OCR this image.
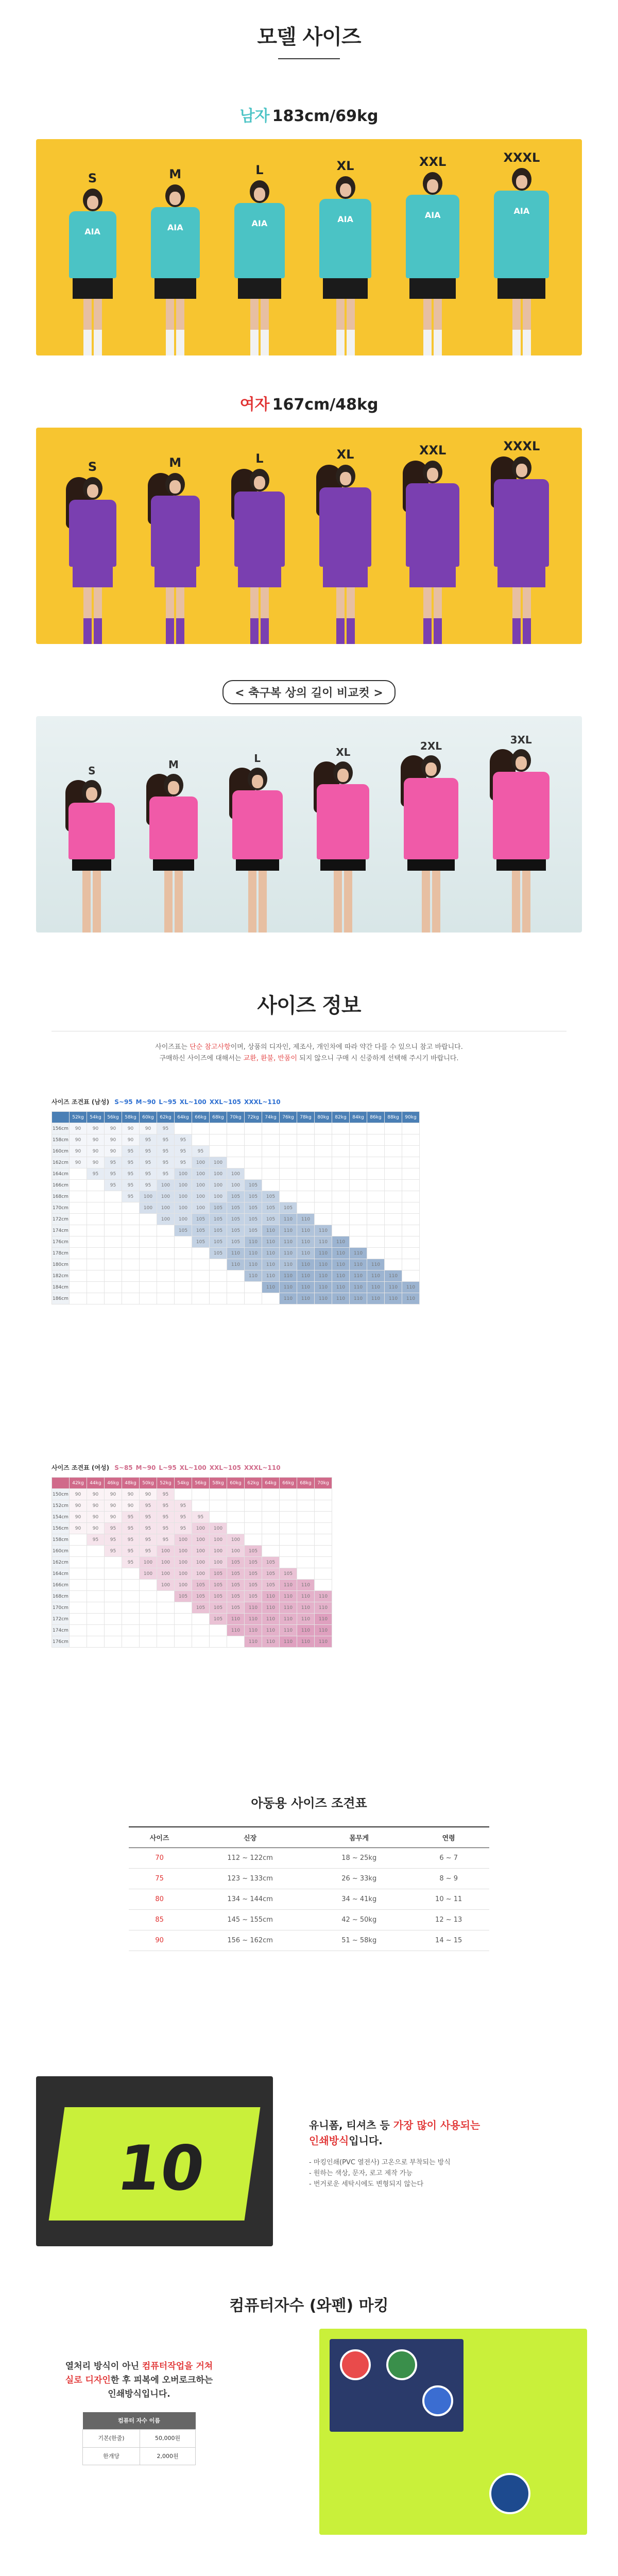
모델 사이즈
남자 183cm/69kg
S
AIA
M
AIA
L
AIA
XL
AIA
XXL
AIA
XXXL
AIA
여자 167cm/48kg
S	M	L	XL	XXL	XXXL
< 축구복 상의 길이 비교컷 >
S	M	L	XL	2XL	3XL
사이즈 정보

사이즈표는 단순 참고사항이며, 상품의 디자인, 제조사, 개인차에 따라 약간 다를 수 있으니 참고 바랍니다.

구매하신 사이즈에 대해서는 교환, 환불, 반품이 되지 않으니 구매 시 신중하게 선택해 주시기 바랍니다.

사이즈 조견표 (남성) S~95 M~90 L~95 XL~100 XXL~105 XXXL~110
	52kg	54kg	56kg	58kg	60kg	62kg	64kg	66kg	68kg	70kg	72kg	74kg	76kg	78kg	80kg	82kg	84kg	86kg	88kg	90kg
156cm	90	90	90	90	90	95														
158cm	90	90	90	90	95	95	95													
160cm	90	90	90	95	95	95	95	95												
162cm	90	90	95	95	95	95	95	100	100											
164cm		95	95	95	95	95	100	100	100	100										
166cm			95	95	95	100	100	100	100	100	105									
168cm				95	100	100	100	100	100	105	105	105								
170cm					100	100	100	100	105	105	105	105	105							
172cm						100	100	105	105	105	105	105	110	110						
174cm							105	105	105	105	105	110	110	110	110					
176cm								105	105	105	110	110	110	110	110	110				
178cm									105	110	110	110	110	110	110	110	110			
180cm										110	110	110	110	110	110	110	110	110		
182cm											110	110	110	110	110	110	110	110	110	
184cm												110	110	110	110	110	110	110	110	110
186cm													110	110	110	110	110	110	110	110
사이즈 조견표 (여성) S~85 M~90 L~95 XL~100 XXL~105 XXXL~110
	42kg	44kg	46kg	48kg	50kg	52kg	54kg	56kg	58kg	60kg	62kg	64kg	66kg	68kg	70kg
150cm	90	90	90	90	90	95									
152cm	90	90	90	90	95	95	95								
154cm	90	90	90	95	95	95	95	95							
156cm	90	90	95	95	95	95	95	100	100						
158cm		95	95	95	95	95	100	100	100	100					
160cm			95	95	95	100	100	100	100	100	105				
162cm				95	100	100	100	100	100	105	105	105			
164cm					100	100	100	100	105	105	105	105	105		
166cm						100	100	105	105	105	105	105	110	110	
168cm							105	105	105	105	105	110	110	110	110
170cm								105	105	105	110	110	110	110	110
172cm									105	110	110	110	110	110	110
174cm										110	110	110	110	110	110
176cm											110	110	110	110	110
아동용 사이즈 조견표
사이즈	신장	몸무게	연령
70	112 ~ 122cm	18 ~ 25kg	6 ~ 7
75	123 ~ 133cm	26 ~ 33kg	8 ~ 9
80	134 ~ 144cm	34 ~ 41kg	10 ~ 11
85	145 ~ 155cm	42 ~ 50kg	12 ~ 13
90	156 ~ 162cm	51 ~ 58kg	14 ~ 15
10
유니폼, 티셔츠 등 가장 많이 사용되는
인쇄방식입니다.
- 마킹인쇄(PVC 열전사) 고온으로 부착되는 방식
- 원하는 색상, 문자, 로고 제작 가능
- 번거로운 세탁시에도 변형되지 않는다
컴퓨터자수 (와펜) 마킹
열처리 방식이 아닌 컴퓨터작업을 거쳐
실로 디자인한 후 피복에 오버로크하는
인쇄방식입니다.
컴퓨터 자수 이름	
기본(한줄)	50,000원
한개당	2,000원
